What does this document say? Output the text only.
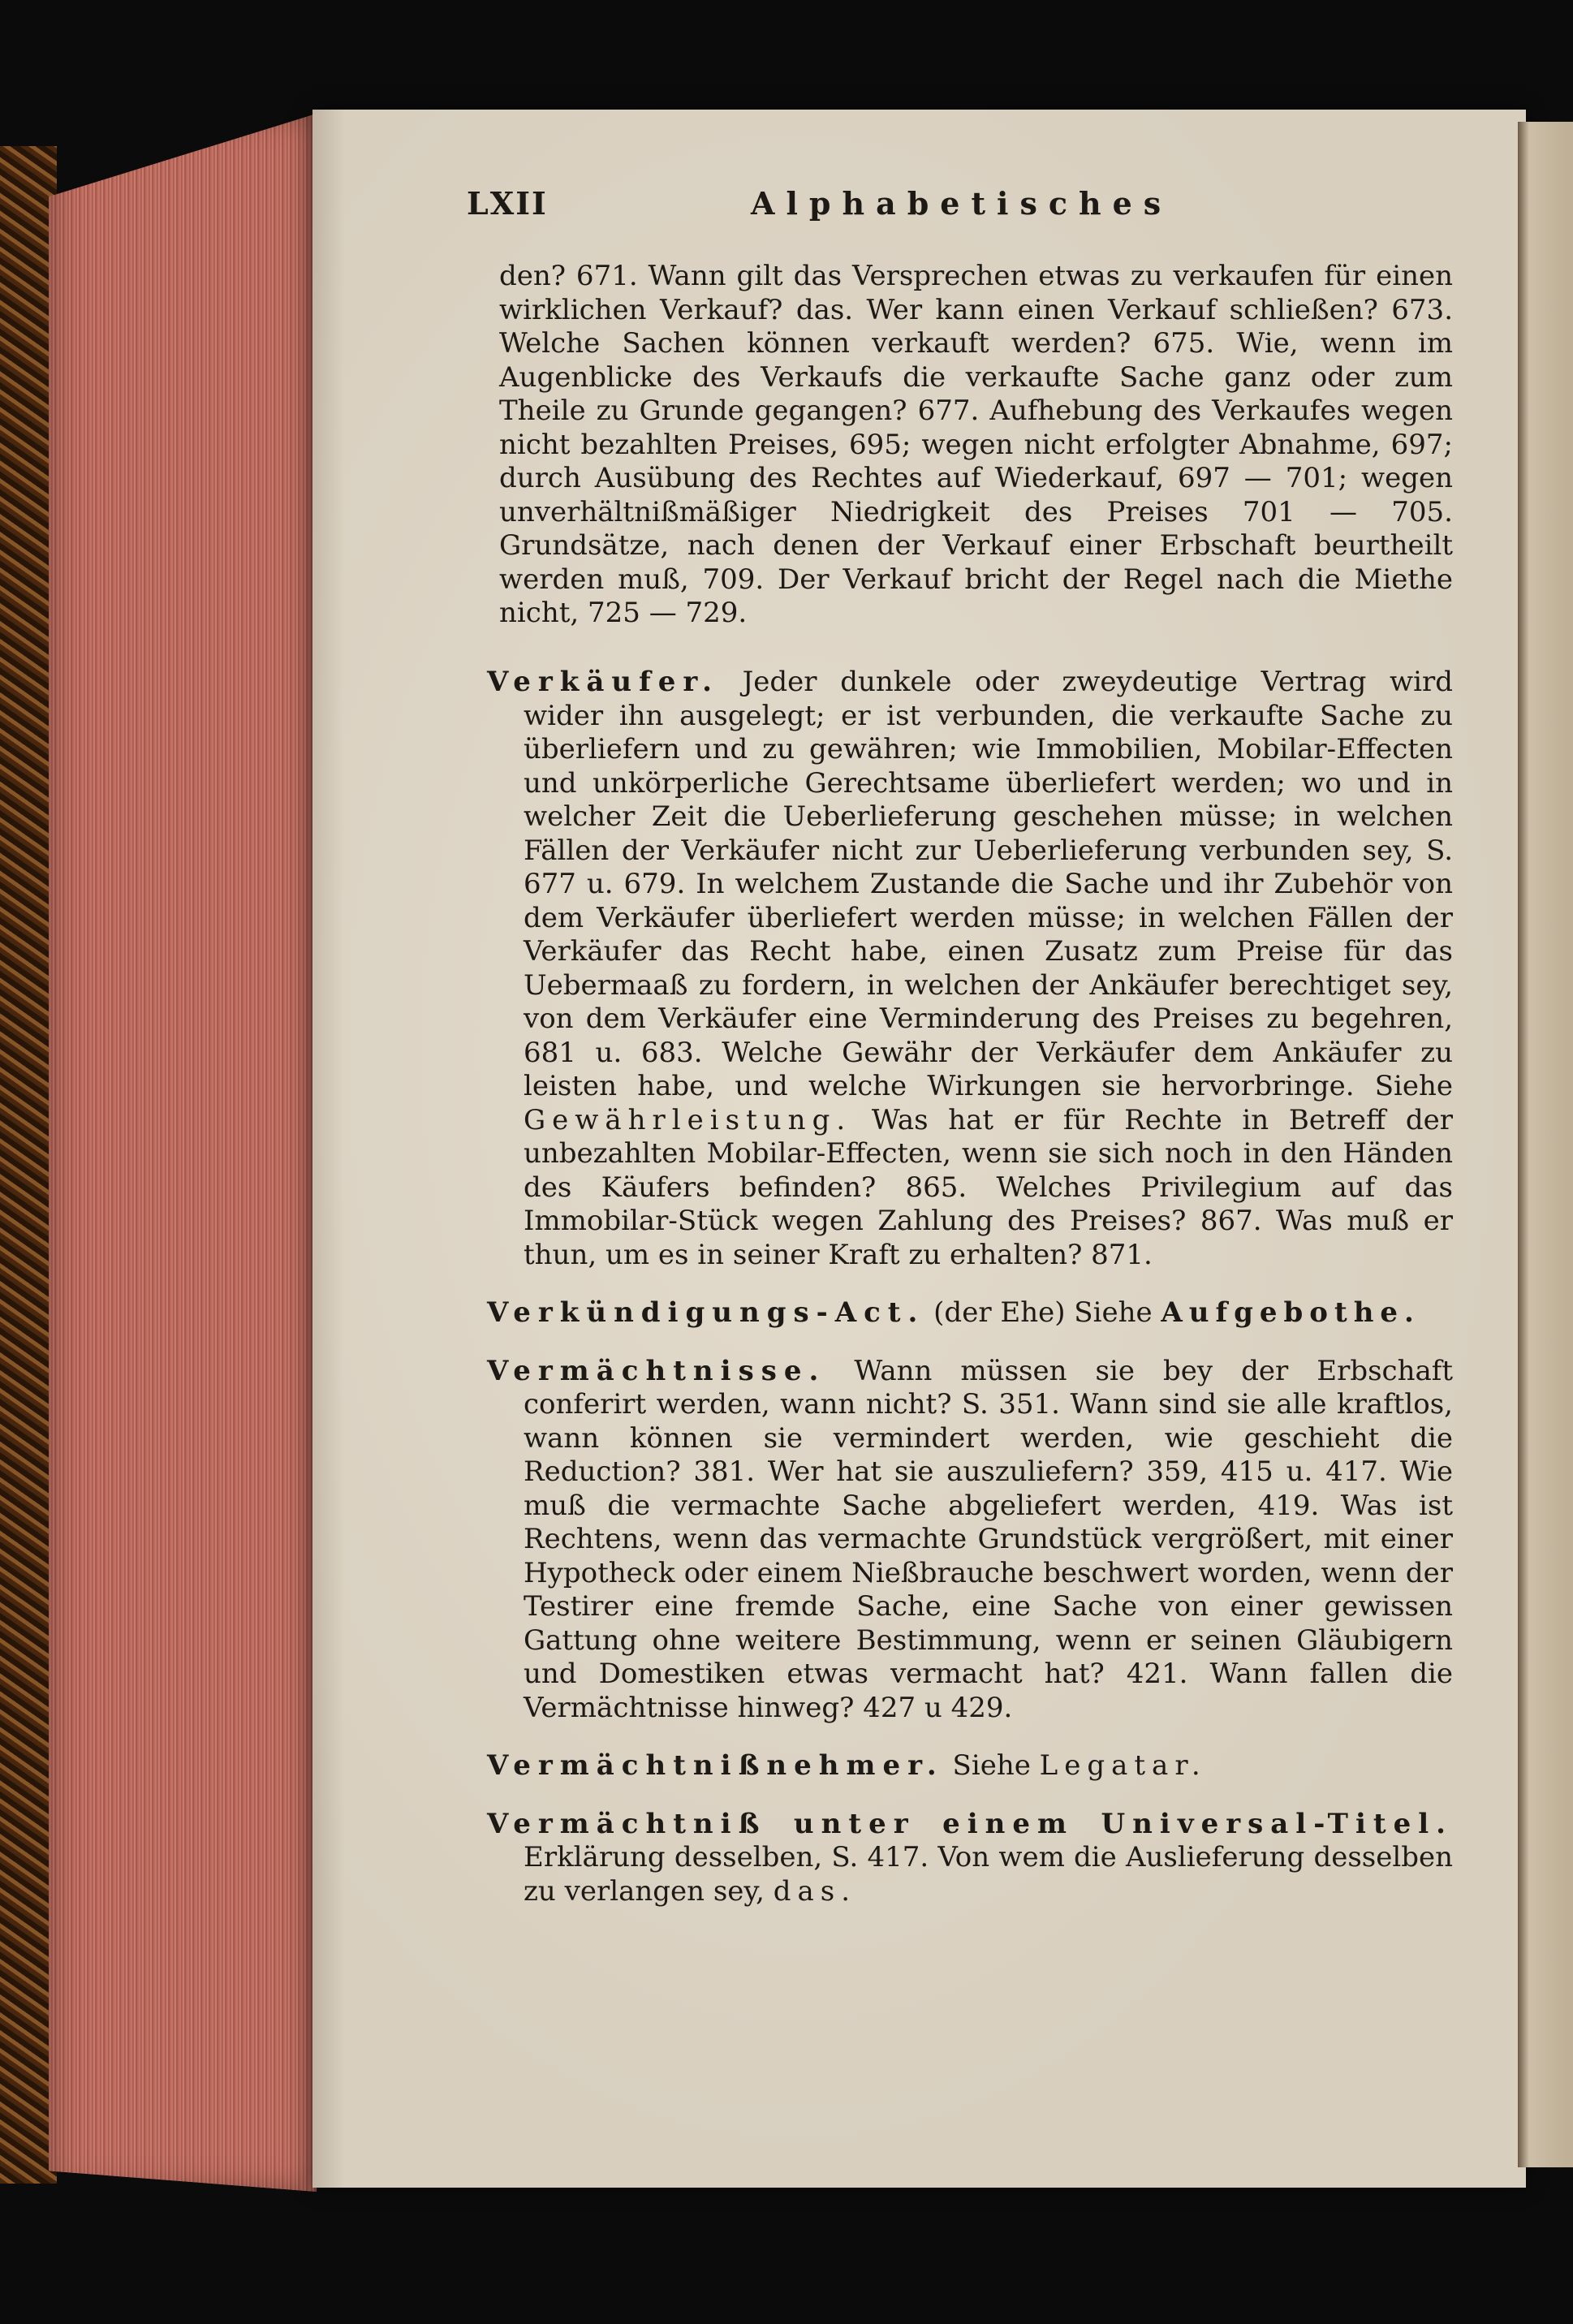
LXII	Alphabetisches

den? 671. Wann gilt das Versprechen etwas zu verkaufen für einen wirklichen Verkauf? das. Wer kann einen Verkauf schließen? 673. Welche Sachen können verkauft werden? 675. Wie, wenn im Augenblicke des Verkaufs die verkaufte Sache ganz oder zum Theile zu Grunde gegangen? 677. Aufhebung des Verkaufes wegen nicht bezahlten Preises, 695; wegen nicht erfolgter Abnahme, 697; durch Ausübung des Rechtes auf Wiederkauf, 697 — 701; wegen unverhältnißmäßiger Niedrigkeit des Preises 701 — 705. Grundsätze, nach denen der Verkauf einer Erbschaft beurtheilt werden muß, 709. Der Verkauf bricht der Regel nach die Miethe nicht, 725 — 729.

Verkäufer. Jeder dunkele oder zweydeutige Vertrag wird wider ihn ausgelegt; er ist verbunden, die verkaufte Sache zu überliefern und zu gewähren; wie Immobilien, Mobilar-Effecten und unkörperliche Gerechtsame überliefert werden; wo und in welcher Zeit die Ueberlieferung geschehen müsse; in welchen Fällen der Verkäufer nicht zur Ueberlieferung verbunden sey, S. 677 u. 679. In welchem Zustande die Sache und ihr Zubehör von dem Verkäufer überliefert werden müsse; in welchen Fällen der Verkäufer das Recht habe, einen Zusatz zum Preise für das Uebermaaß zu fordern, in welchen der Ankäufer berechtiget sey, von dem Verkäufer eine Verminderung des Preises zu begehren, 681 u. 683. Welche Gewähr der Verkäufer dem Ankäufer zu leisten habe, und welche Wirkungen sie hervorbringe. Siehe Gewährleistung. Was hat er für Rechte in Betreff der unbezahlten Mobilar-Effecten, wenn sie sich noch in den Händen des Käufers befinden? 865. Welches Privilegium auf das Immobilar-Stück wegen Zahlung des Preises? 867. Was muß er thun, um es in seiner Kraft zu erhalten? 871.

Verkündigungs-Act. (der Ehe) Siehe Aufgebothe.

Vermächtnisse. Wann müssen sie bey der Erbschaft conferirt werden, wann nicht? S. 351. Wann sind sie alle kraftlos, wann können sie vermindert werden, wie geschieht die Reduction? 381. Wer hat sie auszuliefern? 359, 415 u. 417. Wie muß die vermachte Sache abgeliefert werden, 419. Was ist Rechtens, wenn das vermachte Grundstück vergrößert, mit einer Hypotheck oder einem Nießbrauche beschwert worden, wenn der Testirer eine fremde Sache, eine Sache von einer gewissen Gattung ohne weitere Bestimmung, wenn er seinen Gläubigern und Domestiken etwas vermacht hat? 421. Wann fallen die Vermächtnisse hinweg? 427 u 429.

Vermächtnißnehmer. Siehe Legatar.

Vermächtniß unter einem Universal-Titel. Erklärung desselben, S. 417. Von wem die Auslieferung desselben zu verlangen sey, das.
